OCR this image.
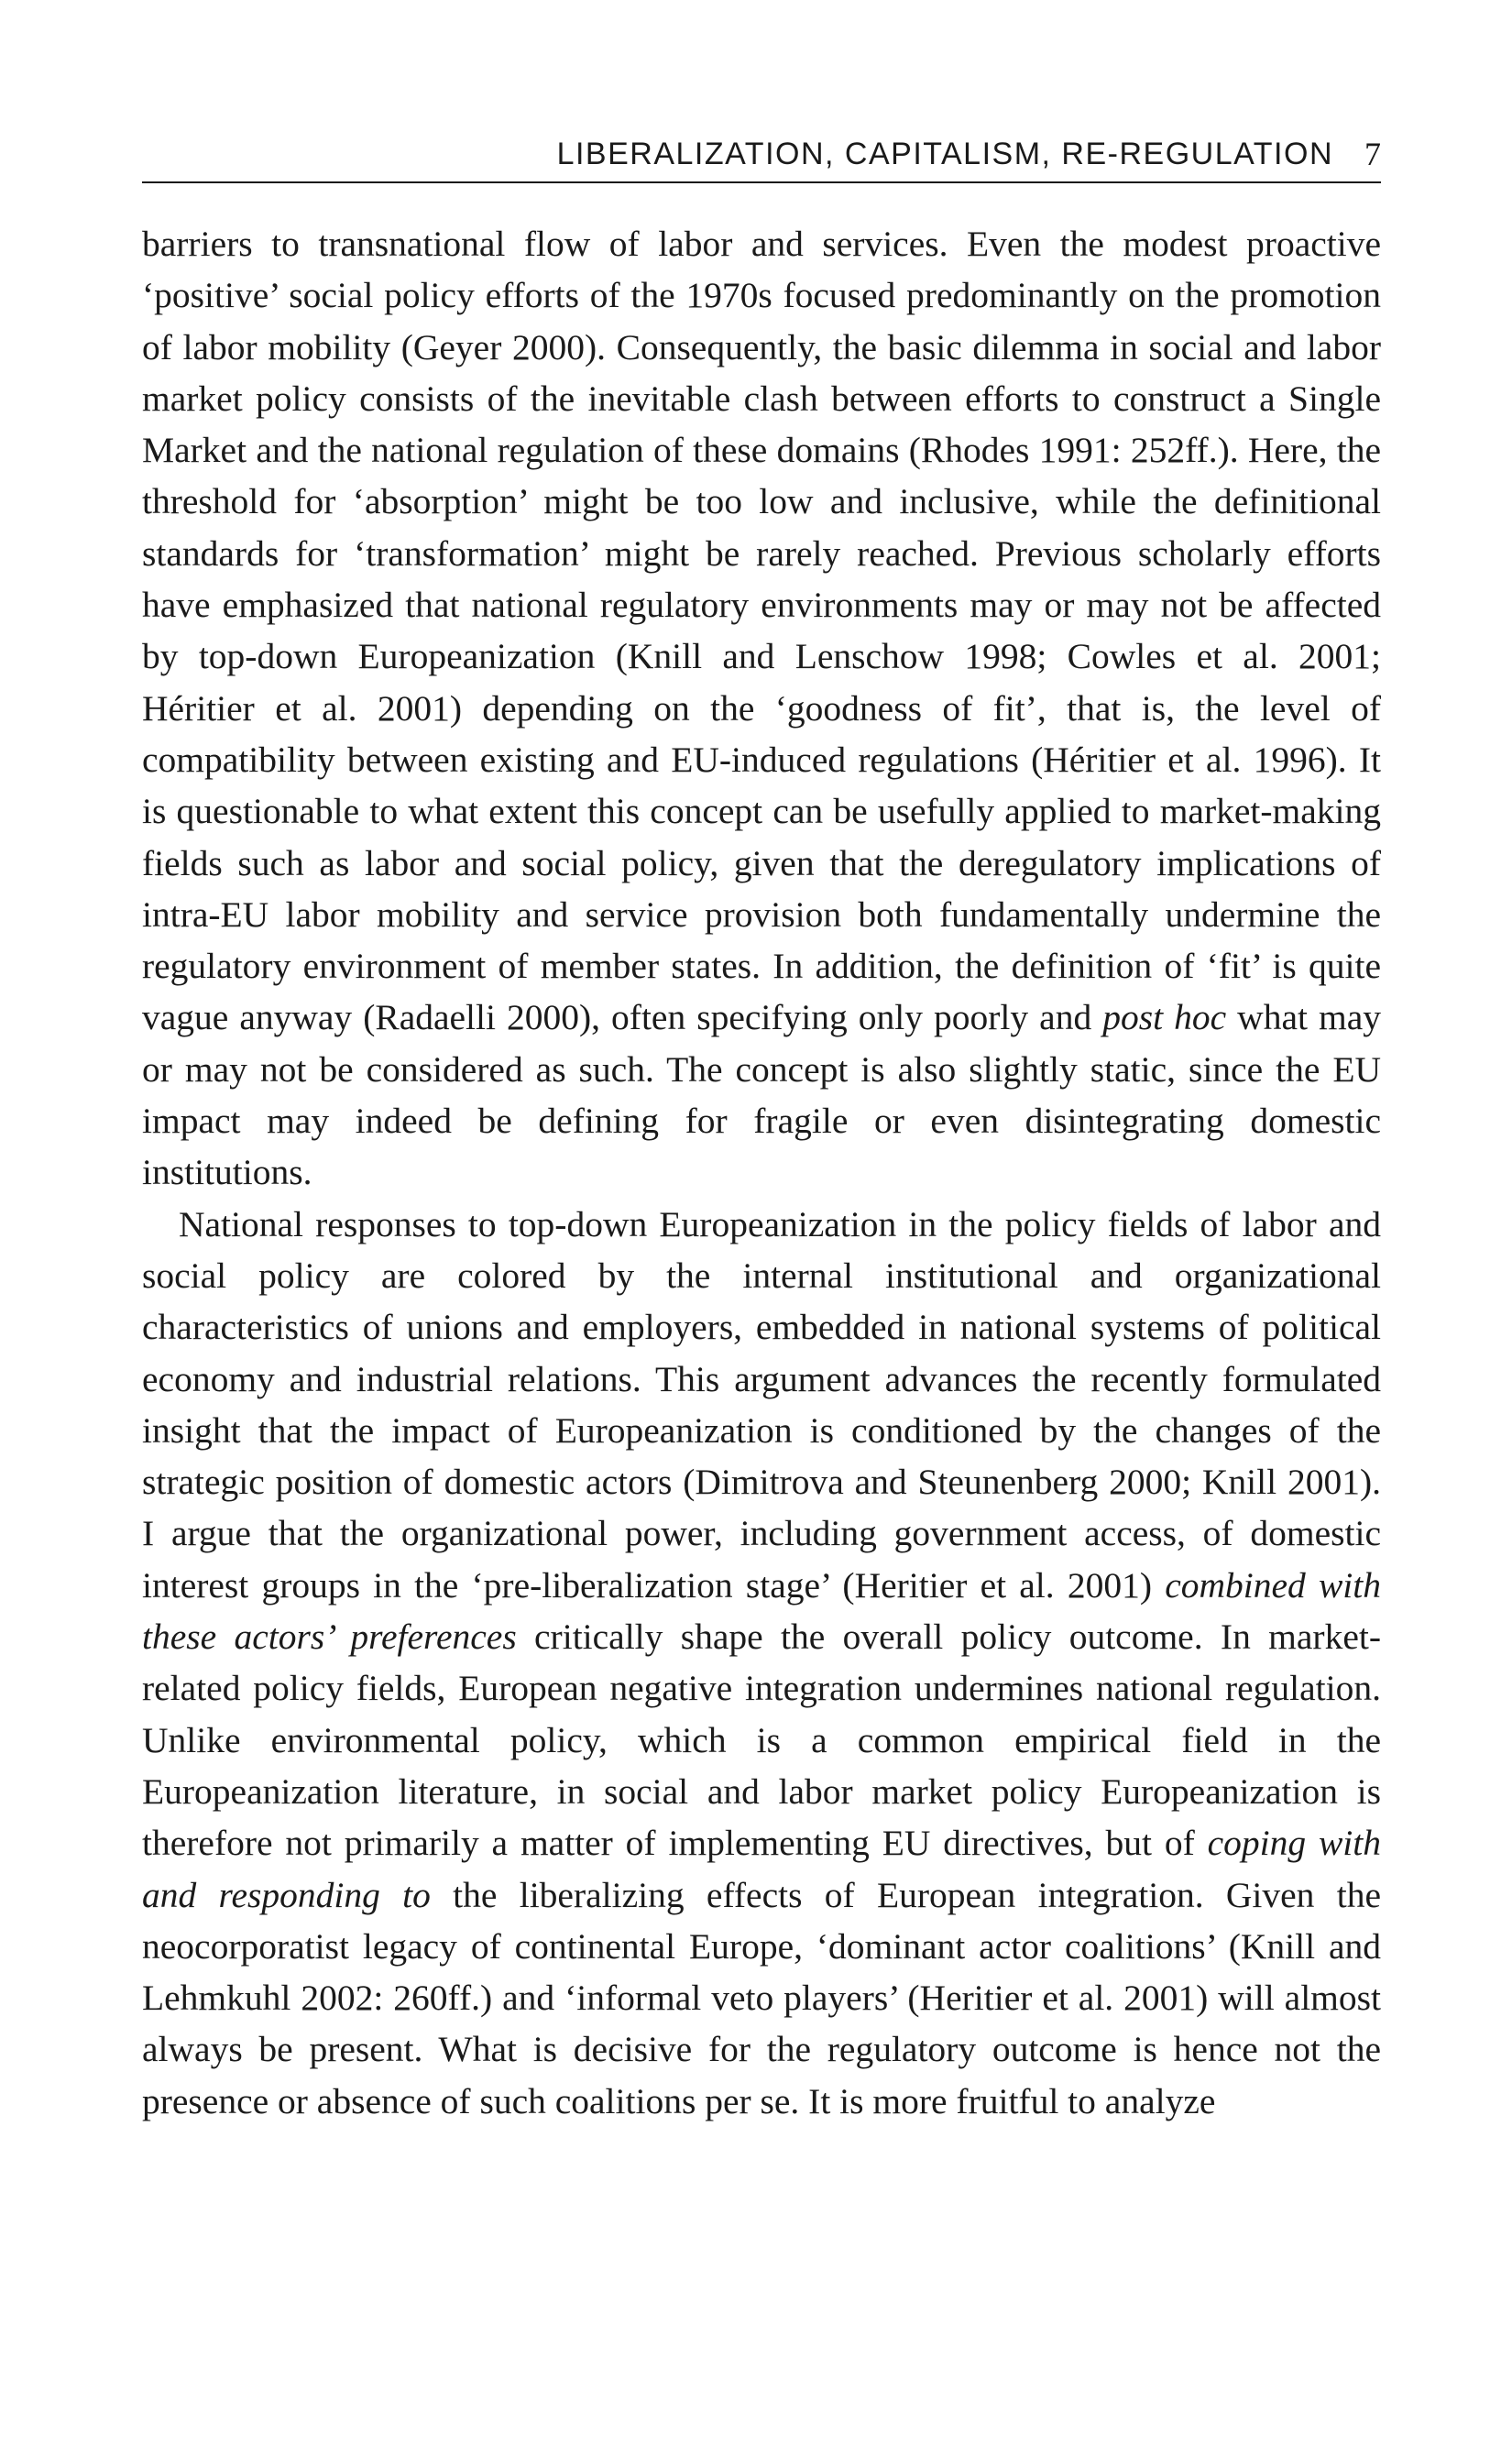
LIBERALIZATION, CAPITALISM, RE-REGULATION 7

barriers to transnational flow of labor and services. Even the modest proactive ‘positive’ social policy efforts of the 1970s focused predominantly on the promotion of labor mobility (Geyer 2000). Consequently, the basic dilemma in social and labor market policy consists of the inevitable clash between efforts to construct a Single Market and the national regulation of these domains (Rhodes 1991: 252ff.). Here, the threshold for ‘absorption’ might be too low and inclusive, while the definitional standards for ‘transformation’ might be rarely reached. Previous scholarly efforts have emphasized that national regulatory environments may or may not be affected by top-down Europeanization (Knill and Lenschow 1998; Cowles et al. 2001; Héritier et al. 2001) depending on the ‘goodness of fit’, that is, the level of compatibility between existing and EU-induced regulations (Héritier et al. 1996). It is questionable to what extent this concept can be usefully applied to market-making fields such as labor and social policy, given that the deregulatory implications of intra-EU labor mobility and service provision both fundamentally undermine the regulatory environment of member states. In addition, the definition of ‘fit’ is quite vague anyway (Radaelli 2000), often specifying only poorly and post hoc what may or may not be considered as such. The concept is also slightly static, since the EU impact may indeed be defining for fragile or even disintegrating domestic institutions.

National responses to top-down Europeanization in the policy fields of labor and social policy are colored by the internal institutional and organizational characteristics of unions and employers, embedded in national systems of political economy and industrial relations. This argument advances the recently formulated insight that the impact of Europeanization is conditioned by the changes of the strategic position of domestic actors (Dimitrova and Steunenberg 2000; Knill 2001). I argue that the organizational power, including government access, of domestic interest groups in the ‘pre-liberalization stage’ (Heritier et al. 2001) combined with these actors’ preferences critically shape the overall policy outcome. In market-related policy fields, European negative integration undermines national regulation. Unlike environmental policy, which is a common empirical field in the Europeanization literature, in social and labor market policy Europeanization is therefore not primarily a matter of implementing EU directives, but of coping with and responding to the liberalizing effects of European integration. Given the neocorporatist legacy of continental Europe, ‘dominant actor coalitions’ (Knill and Lehmkuhl 2002: 260ff.) and ‘informal veto players’ (Heritier et al. 2001) will almost always be present. What is decisive for the regulatory outcome is hence not the presence or absence of such coalitions per se. It is more fruitful to analyze
